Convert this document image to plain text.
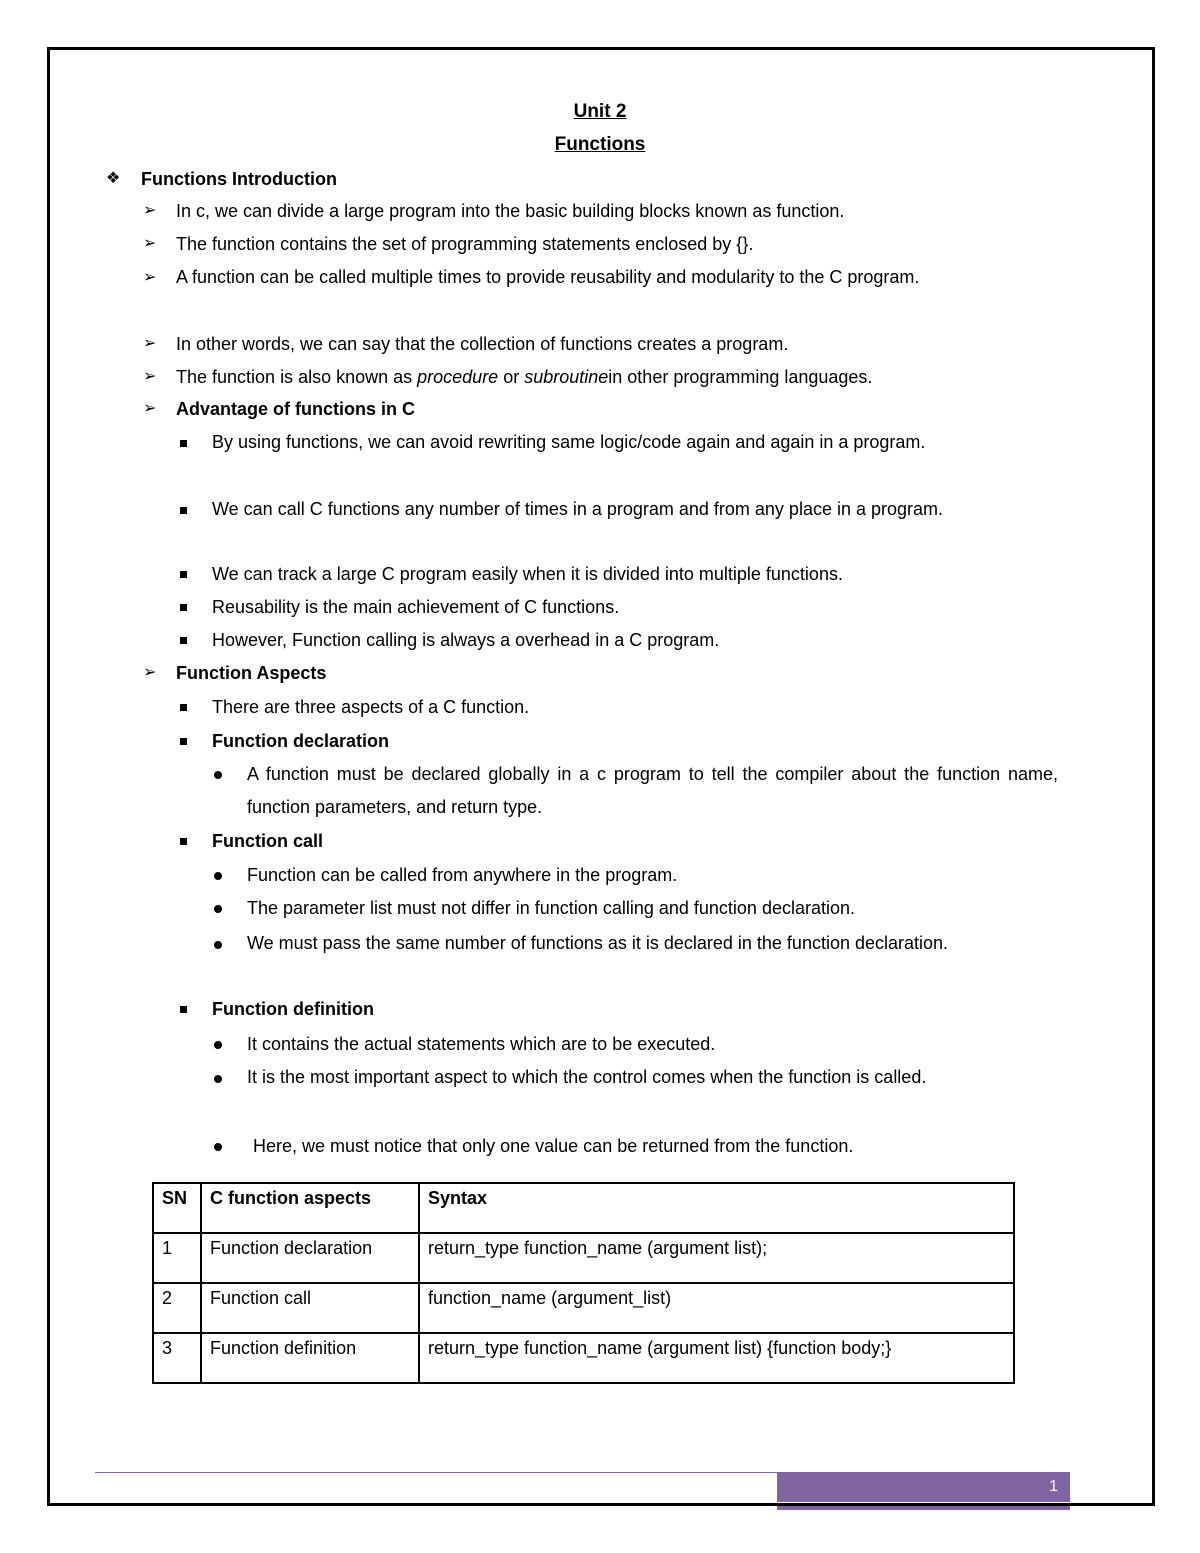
Unit 2
Functions
❖ Functions Introduction
➢ In c, we can divide a large program into the basic building blocks known as function.
➢ The function contains the set of programming statements enclosed by {}.
➢ A function can be called multiple times to provide reusability and modularity to the C program.
➢ In other words, we can say that the collection of functions creates a program.
➢ The function is also known as procedure or subroutinein other programming languages.
➢ Advantage of functions in C
By using functions, we can avoid rewriting same logic/code again and again in a program.
We can call C functions any number of times in a program and from any place in a program.
We can track a large C program easily when it is divided into multiple functions.
Reusability is the main achievement of C functions.
However, Function calling is always a overhead in a C program.
➢ Function Aspects
There are three aspects of a C function.
Function declaration
A function must be declared globally in a c program to tell the compiler about the function name, function parameters, and return type.
Function call
Function can be called from anywhere in the program.
The parameter list must not differ in function calling and function declaration.
We must pass the same number of functions as it is declared in the function declaration.
Function definition
It contains the actual statements which are to be executed.
It is the most important aspect to which the control comes when the function is called.
Here, we must notice that only one value can be returned from the function.
SN	C function aspects	Syntax
1	Function declaration	return_type function_name (argument list);
2	Function call	function_name (argument_list)
3	Function definition	return_type function_name (argument list) {function body;}
1
